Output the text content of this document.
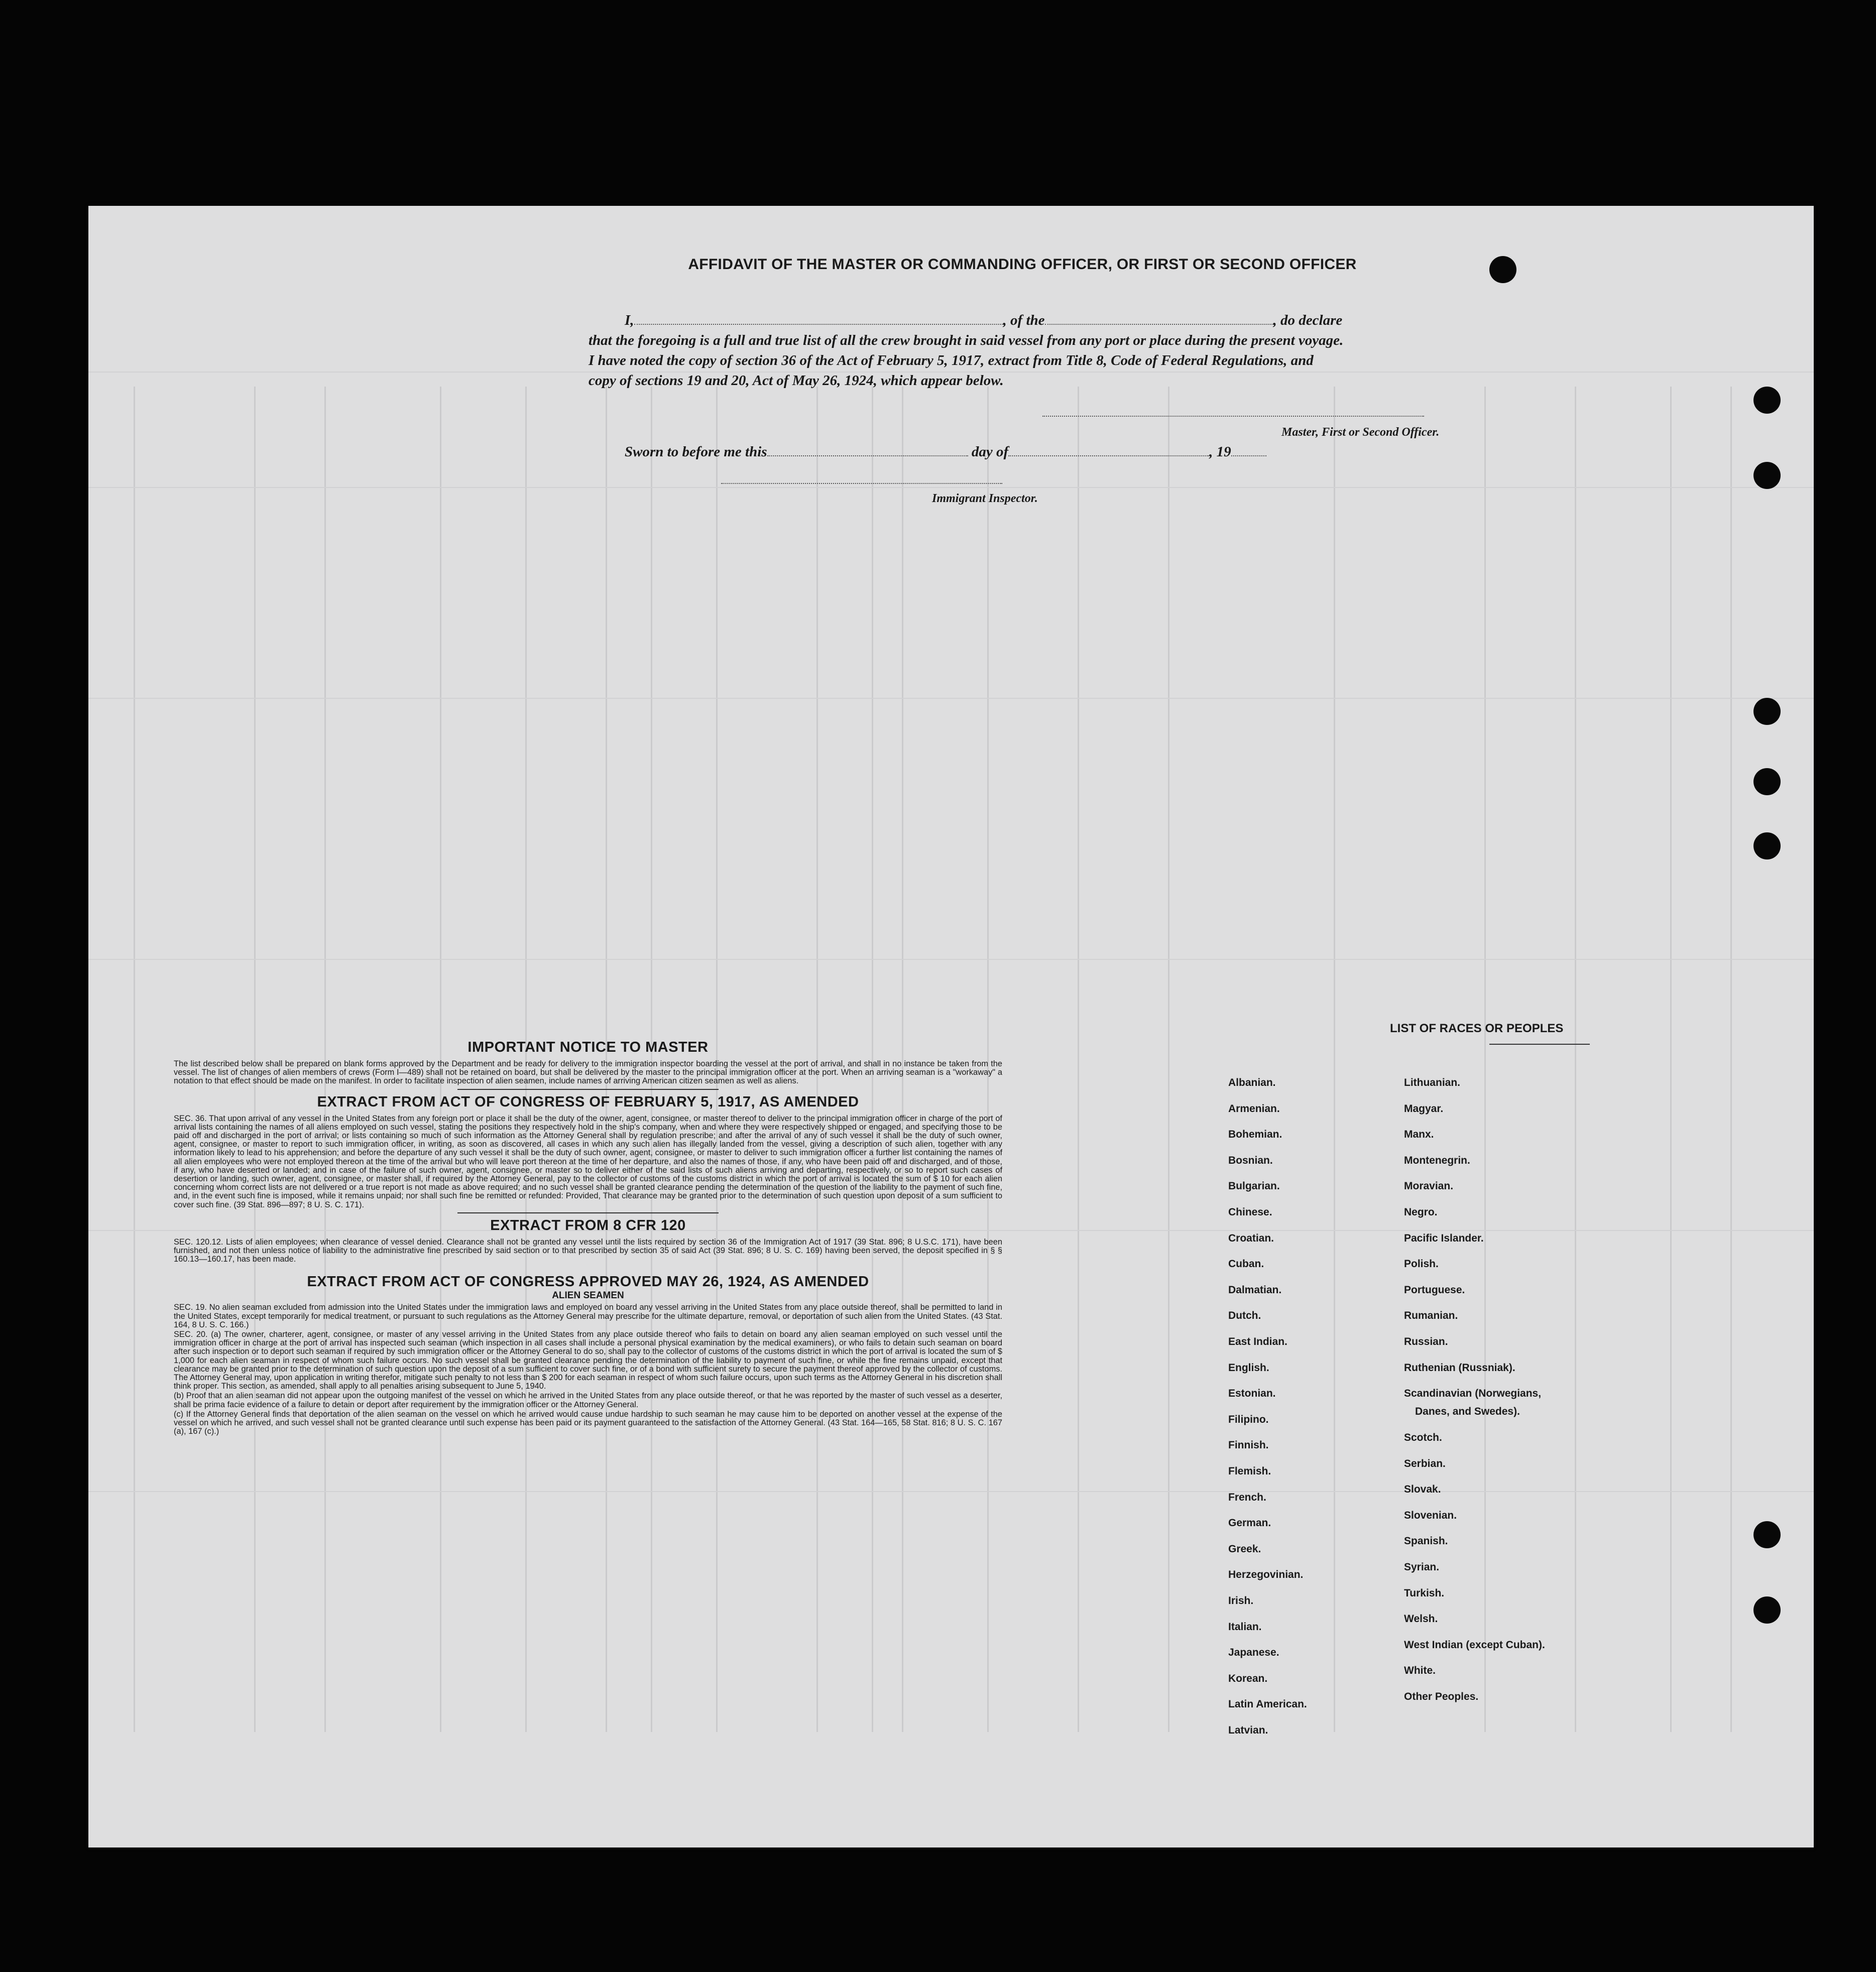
AFFIDAVIT OF THE MASTER OR COMMANDING OFFICER, OR FIRST OR SECOND OFFICER
I,	, of the	, do declare
that the foregoing is a full and true list of all the crew brought in said vessel from any port or place during the present voyage.
I have noted the copy of section 36 of the Act of February 5, 1917, extract from Title 8, Code of Federal Regulations, and
copy of sections 19 and 20, Act of May 26, 1924, which appear below.
Master, First or Second Officer.
Sworn to before me this	day of	, 19
Immigrant Inspector.

IMPORTANT NOTICE TO MASTER

The list described below shall be prepared on blank forms approved by the Department and be ready for delivery to the immigration inspector boarding the vessel at the port of arrival, and shall in no instance be taken from the vessel. The list of changes of alien members of crews (Form I—489) shall not be retained on board, but shall be delivered by the master to the principal immigration officer at the port. When an arriving seaman is a "workaway" a notation to that effect should be made on the manifest. In order to facilitate inspection of alien seamen, include names of arriving American citizen seamen as well as aliens.

EXTRACT FROM ACT OF CONGRESS OF FEBRUARY 5, 1917, AS AMENDED

SEC. 36. That upon arrival of any vessel in the United States from any foreign port or place it shall be the duty of the owner, agent, consignee, or master thereof to deliver to the principal immigration officer in charge of the port of arrival lists containing the names of all aliens employed on such vessel, stating the positions they respectively hold in the ship's company, when and where they were respectively shipped or engaged, and specifying those to be paid off and discharged in the port of arrival; or lists containing so much of such information as the Attorney General shall by regulation prescribe; and after the arrival of any of such vessel it shall be the duty of such owner, agent, consignee, or master to report to such immigration officer, in writing, as soon as discovered, all cases in which any such alien has illegally landed from the vessel, giving a description of such alien, together with any information likely to lead to his apprehension; and before the departure of any such vessel it shall be the duty of such owner, agent, consignee, or master to deliver to such immigration officer a further list containing the names of all alien employees who were not employed thereon at the time of the arrival but who will leave port thereon at the time of her departure, and also the names of those, if any, who have been paid off and discharged, and of those, if any, who have deserted or landed; and in case of the failure of such owner, agent, consignee, or master so to deliver either of the said lists of such aliens arriving and departing, respectively, or so to report such cases of desertion or landing, such owner, agent, consignee, or master shall, if required by the Attorney General, pay to the collector of customs of the customs district in which the port of arrival is located the sum of $ 10 for each alien concerning whom correct lists are not delivered or a true report is not made as above required; and no such vessel shall be granted clearance pending the determination of the question of the liability to the payment of such fine, and, in the event such fine is imposed, while it remains unpaid; nor shall such fine be remitted or refunded: Provided, That clearance may be granted prior to the determination of such question upon deposit of a sum sufficient to cover such fine. (39 Stat. 896—897; 8 U. S. C. 171).

EXTRACT FROM 8 CFR 120

SEC. 120.12. Lists of alien employees; when clearance of vessel denied. Clearance shall not be granted any vessel until the lists required by section 36 of the Immigration Act of 1917 (39 Stat. 896; 8 U.S.C. 171), have been furnished, and not then unless notice of liability to the administrative fine prescribed by said section or to that prescribed by section 35 of said Act (39 Stat. 896; 8 U. S. C. 169) having been served, the deposit specified in § § 160.13—160.17, has been made.

EXTRACT FROM ACT OF CONGRESS APPROVED MAY 26, 1924, AS AMENDED

ALIEN SEAMEN

SEC. 19. No alien seaman excluded from admission into the United States under the immigration laws and employed on board any vessel arriving in the United States from any place outside thereof, shall be permitted to land in the United States, except temporarily for medical treatment, or pursuant to such regulations as the Attorney General may prescribe for the ultimate departure, removal, or deportation of such alien from the United States. (43 Stat. 164, 8 U. S. C. 166.)

SEC. 20. (a) The owner, charterer, agent, consignee, or master of any vessel arriving in the United States from any place outside thereof who fails to detain on board any alien seaman employed on such vessel until the immigration officer in charge at the port of arrival has inspected such seaman (which inspection in all cases shall include a personal physical examination by the medical examiners), or who fails to detain such seaman on board after such inspection or to deport such seaman if required by such immigration officer or the Attorney General to do so, shall pay to the collector of customs of the customs district in which the port of arrival is located the sum of $ 1,000 for each alien seaman in respect of whom such failure occurs. No such vessel shall be granted clearance pending the determination of the liability to payment of such fine, or while the fine remains unpaid, except that clearance may be granted prior to the determination of such question upon the deposit of a sum sufficient to cover such fine, or of a bond with sufficient surety to secure the payment thereof approved by the collector of customs. The Attorney General may, upon application in writing therefor, mitigate such penalty to not less than $ 200 for each seaman in respect of whom such failure occurs, upon such terms as the Attorney General in his discretion shall think proper. This section, as amended, shall apply to all penalties arising subsequent to June 5, 1940.

(b) Proof that an alien seaman did not appear upon the outgoing manifest of the vessel on which he arrived in the United States from any place outside thereof, or that he was reported by the master of such vessel as a deserter, shall be prima facie evidence of a failure to detain or deport after requirement by the immigration officer or the Attorney General.

(c) If the Attorney General finds that deportation of the alien seaman on the vessel on which he arrived would cause undue hardship to such seaman he may cause him to be deported on another vessel at the expense of the vessel on which he arrived, and such vessel shall not be granted clearance until such expense has been paid or its payment guaranteed to the satisfaction of the Attorney General. (43 Stat. 164—165, 58 Stat. 816; 8 U. S. C. 167 (a), 167 (c).)

LIST OF RACES OR PEOPLES
Albanian.
Armenian.
Bohemian.
Bosnian.
Bulgarian.
Chinese.
Croatian.
Cuban.
Dalmatian.
Dutch.
East Indian.
English.
Estonian.
Filipino.
Finnish.
Flemish.
French.
German.
Greek.
Herzegovinian.
Irish.
Italian.
Japanese.
Korean.
Latin American.
Latvian.
Lithuanian.
Magyar.
Manx.
Montenegrin.
Moravian.
Negro.
Pacific Islander.
Polish.
Portuguese.
Rumanian.
Russian.
Ruthenian (Russniak).
Scandinavian (Norwegians,
Danes, and Swedes).
Scotch.
Serbian.
Slovak.
Slovenian.
Spanish.
Syrian.
Turkish.
Welsh.
West Indian (except Cuban).
White.
Other Peoples.
